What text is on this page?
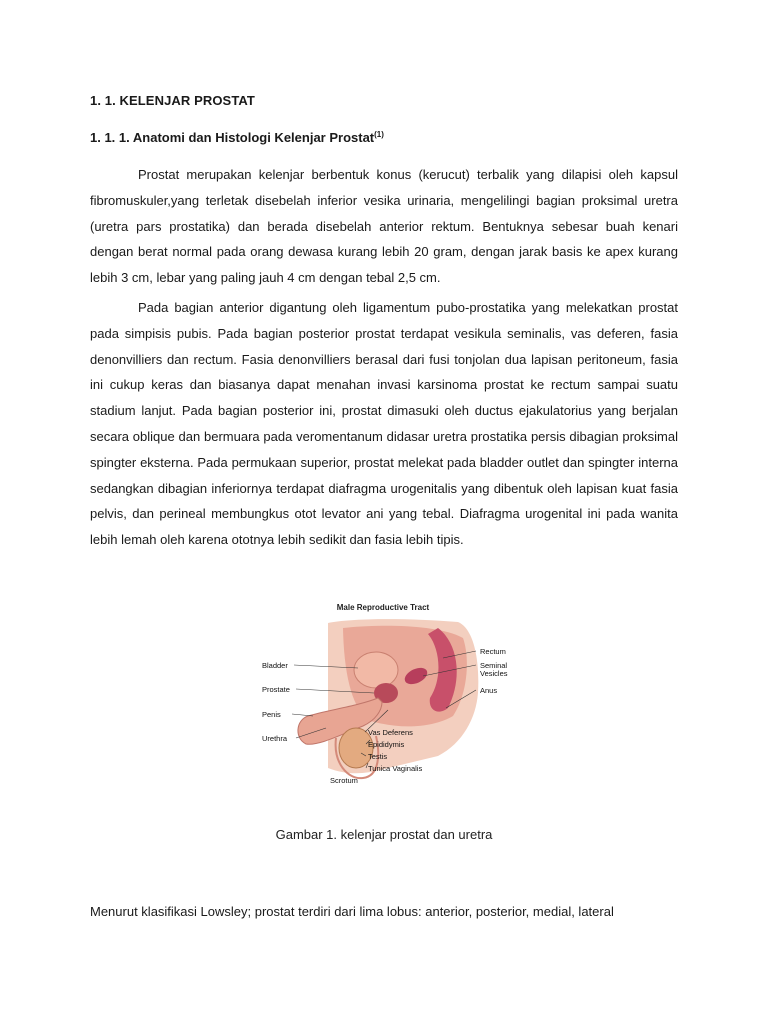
1. 1. KELENJAR PROSTAT
1. 1. 1. Anatomi dan Histologi Kelenjar Prostat$^{(1)}$

Prostat merupakan kelenjar berbentuk konus (kerucut) terbalik yang dilapisi oleh kapsul fibromuskuler,yang terletak disebelah inferior vesika urinaria, mengelilingi bagian proksimal uretra (uretra pars prostatika) dan berada disebelah anterior rektum. Bentuknya sebesar buah kenari dengan berat normal pada orang dewasa kurang lebih 20 gram, dengan jarak basis ke apex kurang lebih 3 cm, lebar yang paling jauh 4 cm dengan tebal 2,5 cm.

Pada bagian anterior digantung oleh ligamentum pubo-prostatika yang melekatkan prostat pada simpisis pubis. Pada bagian posterior prostat terdapat vesikula seminalis, vas deferen, fasia denonvilliers dan rectum. Fasia denonvilliers berasal dari fusi tonjolan dua lapisan peritoneum, fasia ini cukup keras dan biasanya dapat menahan invasi karsinoma prostat ke rectum sampai suatu stadium lanjut. Pada bagian posterior ini, prostat dimasuki oleh ductus ejakulatorius yang berjalan secara oblique dan bermuara pada veromentanum didasar uretra prostatika persis dibagian proksimal spingter eksterna. Pada permukaan superior, prostat melekat pada bladder outlet dan spingter interna sedangkan dibagian inferiornya terdapat diafragma urogenitalis yang dibentuk oleh lapisan kuat fasia pelvis, dan perineal membungkus otot levator ani yang tebal. Diafragma urogenital ini pada wanita lebih lemah oleh karena ototnya lebih sedikit dan fasia lebih tipis.

Male Reproductive Tract
Bladder
Prostate
Penis
Urethra
Rectum
Seminal
Vesicles
Anus
Vas Deferens
Epididymis
Testis
Tunica Vaginalis
Scrotum
Gambar 1. kelenjar prostat dan uretra

Menurut klasifikasi Lowsley; prostat terdiri dari lima lobus: anterior, posterior, medial, lateral
